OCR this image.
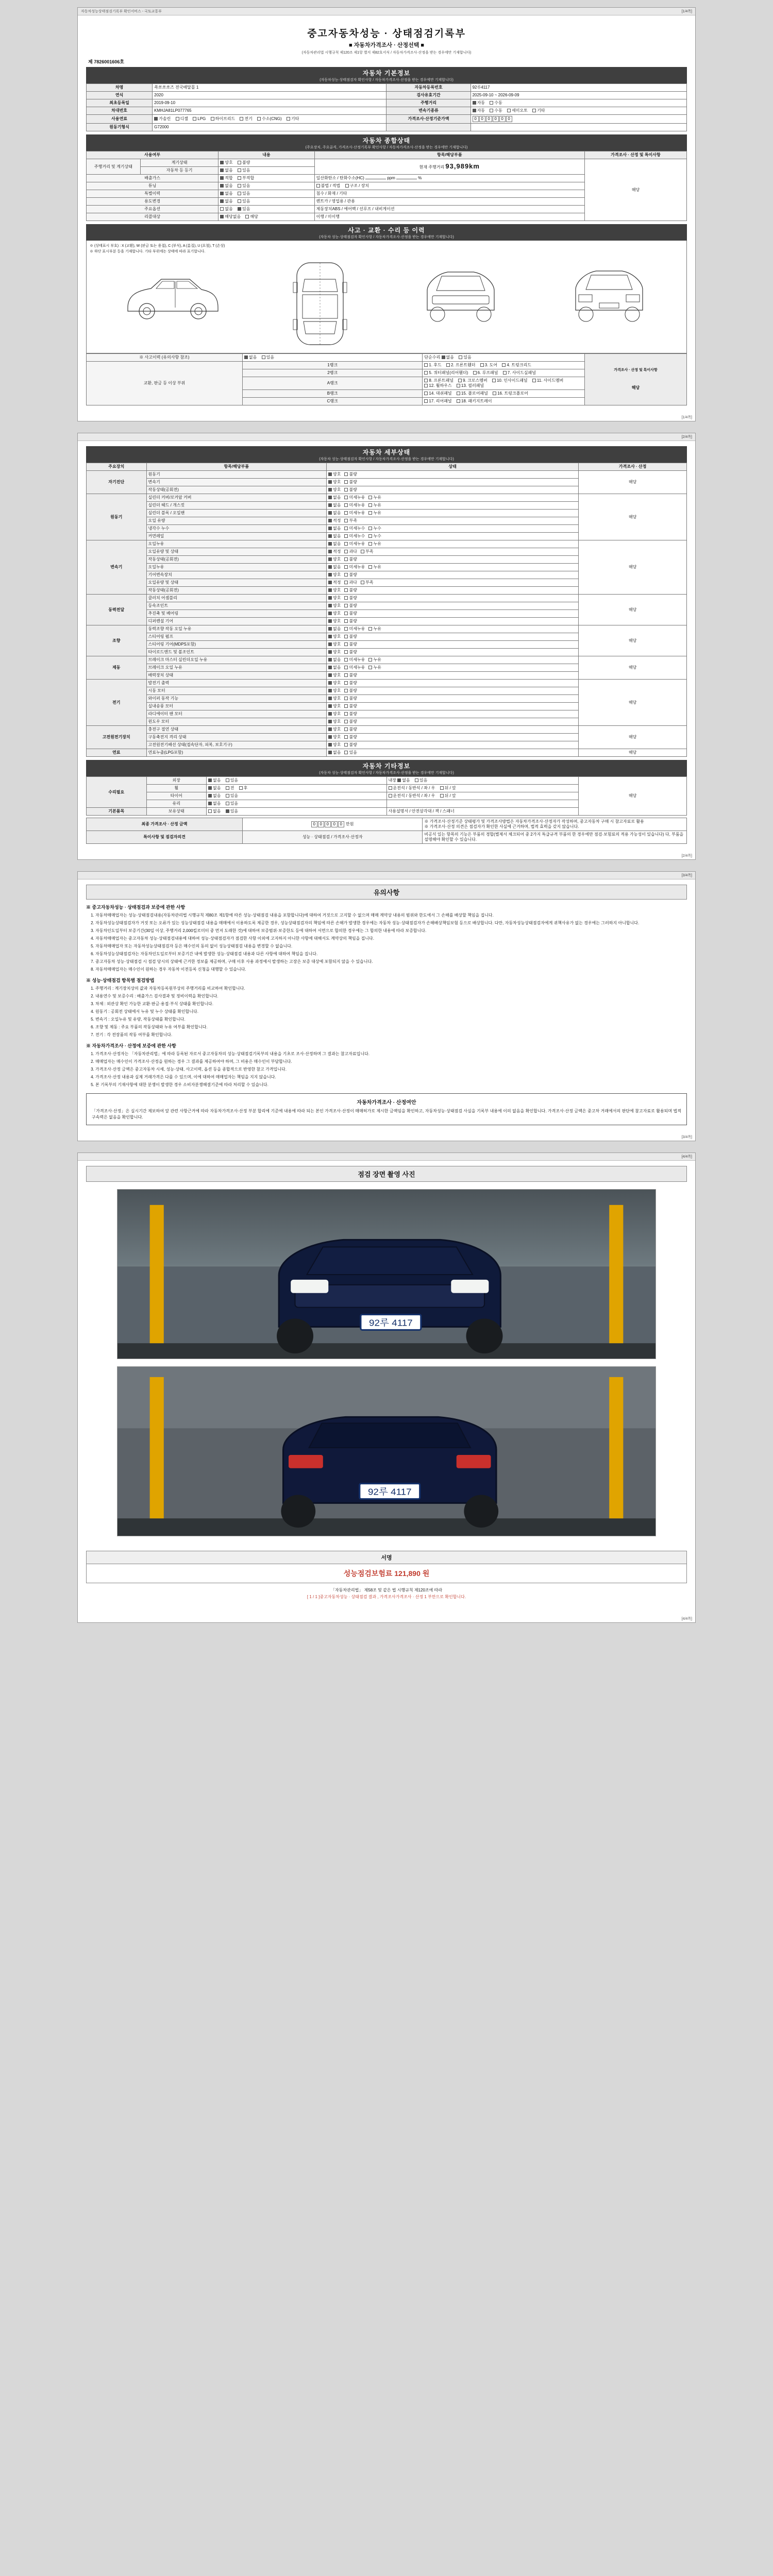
자동차성능상태점검기록부 확인서비스 - 국토교통부	[1/4쪽]
중고자동차성능 · 상태점검기록부
■ 자동차가격조사 · 산정선택 ■
(자동차관리법 시행규칙 제120조 제1항 별지 제82호서식 / 자동차가격조사·산정을 받는 경우에만 기재합니다)
제 7826001606호
자동차 기본정보
(자동차성능·상태점검자 확인사항 / 자동차가격조사·산정을 받는 경우에만 기재합니다)
차명	쏙쏘쏘쏘즈 전국배달몰 1	자동차등록번호	92루4117
연식	2020	검사유효기간	2025-09-10 ~ 2026-09-09
최초등록일	2019-09-10	주행거리	자동 수동
차대번호	KMHJA81LP077765	변속기종류	자동 수동 세미오토 기타
사용연료	가솔린 디젤 LPG 하이브리드 전기 수소(CNG) 기타	가격조사·산정기준가액	0 0 0 0 0 0
원동기형식	G72000		
자동차 종합상태
(주요장치, 주요골격, 가격조사·산정기록부 확인사항 / 자동차가격조사·산정을 받는 경우에만 기재합니다)
사용여부		내용	항목/해당부품	가격조사 · 산정 및 특이사항
주행거리 및 계기상태	계기상태	양호 불량	현재 주행거리 93,989km	해당
	자동차 등 등기	없음 있음		
배출가스		적합 부적합	일산화탄소 / 탄화수소(HC) ppm %	
튜닝		없음 있음	불법 / 적법 구조 / 장치	
특별이력		없음 있음	침수 / 화재 / 기타	
용도변경		없음 있음	렌트카 / 영업용 / 관용	
주요옵션		없음 있음	제동장치ABS / 에어백 / 선루프 / 내비게이션	
리콜대상		해당없음 해당	이행 / 미이행	
사고 · 교환 · 수리 등 이력
(자동차 성능·상태점검자 확인사항 / 자동차가격조사·산정을 받는 경우에만 기재합니다)
※ (상태표시 부호) : X (교환), W (판금 또는 용접), C (부식), A (흠집), U (요철), T (손상)
※ 하단 표시부분 등을 기재합니다. 기타 부위에는 상태에 따라 표기합니다.
※ 사고이력 (유의사항 참조)	없음 있음	단순수리 없음 있음	가격조사 · 산정 및 특이사항
해당

교환, 판금 등 이상 부위	1랭크	1. 후드 2. 프론트휀더 3. 도어 4. 트렁크리드	
	2랭크	5. 쿼터패널(리어휀더) 6. 루프패널 7. 사이드실패널	
	A랭크	8. 프론트패널 9. 크로스멤버 10. 인사이드패널 11. 사이드멤버 12. 휠하우스 13. 필러패널	
	B랭크	14. 대쉬패널 15. 플로어패널 16. 트렁크플로어	
	C랭크	17. 리어패널 18. 패키지트레이	
[1/4쪽]
[2/4쪽]
자동차 세부상태
(자동차 성능·상태점검자 확인사항 / 자동차가격조사·산정을 받는 경우에만 기재합니다)
주요장치	항목/해당부품	상태	가격조사 · 산정
자기진단	원동기	양호 불량	해당
	변속기	양호 불량	
	작동상태(공회전)	양호 불량	
원동기	실린더 커버/로커암 커버	없음 미세누유 누유	해당
	실린더 헤드 / 개스킷	없음 미세누유 누유	
	실린더 블록 / 오일팬	없음 미세누유 누유	
	오일 유량	적정 부족	
	냉각수 누수	없음 미세누수 누수	
	커먼레일	없음 미세누수 누수	
변속기	오일누유	없음 미세누유 누유	해당
	오일유량 및 상태	적정 과다 부족	
	작동상태(공회전)	양호 불량	
	오일누유	없음 미세누유 누유	
	기어변속장치	양호 불량	
	오일유량 및 상태	적정 과다 부족	
	작동상태(공회전)	양호 불량	
동력전달	클러치 어셈블리	양호 불량	해당
	등속조인트	양호 불량	
	추진축 및 베어링	양호 불량	
	디퍼렌셜 기어	양호 불량	
조향	동력조향 작동 오일 누유	없음 미세누유 누유	해당
	스티어링 펌프	양호 불량	
	스티어링 기어(MDPS포함)	양호 불량	
	타이로드엔드 및 볼조인트	양호 불량	
제동	브레이크 마스터 실린더오일 누유	없음 미세누유 누유	해당
	브레이크 오일 누유	없음 미세누유 누유	
	배력장치 상태	양호 불량	
전기	발전기 출력	양호 불량	해당
	시동 모터	양호 불량	
	와이퍼 동작 기능	양호 불량	
	실내송풍 모터	양호 불량	
	라디에이터 팬 모터	양호 불량	
	윈도우 모터	양호 불량	
고전원전기장치	충전구 절연 상태	양호 불량	해당
	구동축전지 격리 상태	양호 불량	
	고전원전기배선 상태(접속단자, 피복, 보호기구)	양호 불량	
연료	연료누출(LPG포함)	없음 있음	해당
자동차 기타정보
(자동차 성능·상태점검자 확인사항 / 자동차가격조사·산정을 받는 경우에만 기재합니다)
수리필요	외장	없음 있음	내장 없음 있음	해당
	휠	없음 전 후	운전석 / 동반석 / 좌 / 우 뒤 / 앞	
	타이어	없음 있음	운전석 / 동반석 / 좌 / 우 뒤 / 앞	
	유리	없음 있음		
기본품목	보유상태	없음 있음	사용설명서 / 안전삼각대 / 잭 / 스패너	
최종 가격조사 · 산정 금액	0 0 0 0 0 만원	※ 가격조사·산정기준 상태평가 및 가격조사방법은 자동차가격조사·산정자가 작성하며, 중고자동차 구매 시 참고자료로 활용
※ 가격조사·산정 의견은 점검자가 확인한 사실에 근거하며, 법적 효력을 갖지 않습니다.

특이사항 및 점검자의견	성능 · 상태점검 / 가격조사·산정자	비공식 있는 항목의 기능은 부품의 경합(별제서 체크되어 중 2가지 특급규격 부품의 한 경우에만 점검·보험료의 적용 가능성이 있습니다) 다, 부품을 설명해야 확인할 수 있습니다.
[2/4쪽]
[3/4쪽]
유의사항
※ 중고자동차성능 · 상태점검과 보증에 관한 사항
1. 자동차매매업자는 성능·상태점검내용(자동차관리법 시행규칙 제80조 제1항에 따른 성능·상태점검 내용을 포함합니다)에 대하여 거짓으로 고지할 수 없으며 매매 계약상 내용의 범위와 한도에서 그 손해를 배상할 책임을 집니다.
2. 자동차성능상태점검자가 거짓 또는 오류가 있는 성능상태점검 내용을 매매에서 이용하도록 제공한 경우, 성능상태점검자의 책임에 따른 손해가 발생한 경우에는 자동차 성능·상태점검자가 손해배상책임보험 등으로 배상합니다. 다만, 자동차성능상태점검자에게 귀책사유가 없는 경우에는 그러하지 아니합니다.
3. 자동차인도일부터 보증기간(30일 이상, 주행거리 2,000킬로미터 중 먼저 도래한 것)에 대하여 보증범위·보증한도 등에 대하여 서면으로 합의한 경우에는 그 합의한 내용에 따라 보증합니다.
4. 자동차매매업자는 중고자동차 성능·상태점검내용에 대하여 성능·상태점검자가 점검한 사항 이외에 고지하지 아니한 사항에 대해서도 계약상의 책임을 집니다.
5. 자동차매매업자 또는 자동차성능상태점검자 등은 매수인의 동의 없이 성능상태점검 내용을 변경할 수 없습니다.
6. 자동차성능상태점검자는 자동차인도일로부터 보증기간 내에 발생한 성능·상태점검 내용과 다른 사항에 대하여 책임을 집니다.
7. 중고자동차 성능·상태점검 시 점검 당시의 상태에 근거한 정보를 제공하며, 구매 이후 사용 과정에서 발생하는 고장은 보증 대상에 포함되지 않을 수 있습니다.
8. 자동차매매업자는 매수인이 원하는 경우 자동차 이전등록 신청을 대행할 수 있습니다.
※ 성능·상태점검 항목별 점검방법
1. 주행거리 : 계기장치상의 값과 자동차등록원부상의 주행거리를 비교하여 확인합니다.
2. 내용연수 및 보증수리 : 배출가스 검사결과 및 정비이력을 확인합니다.
3. 차체 : 외관상 확인 가능한 교환·판금·용접·부식 상태를 확인합니다.
4. 원동기 : 공회전 상태에서 누유 및 누수 상태를 확인합니다.
5. 변속기 : 오일누유 및 유량, 작동상태를 확인합니다.
6. 조향 및 제동 : 주요 부품의 작동상태와 누유 여부를 확인합니다.
7. 전기 : 각 전장품의 작동 여부를 확인합니다.
※ 자동차가격조사 · 산정에 보증에 관한 사항
1. 가격조사·산정자는 「자동차관리법」에 따라 등록된 자로서 중고자동차의 성능·상태점검기록부의 내용을 기초로 조사·산정하며 그 결과는 참고자료입니다.
2. 매매업자는 매수인이 가격조사·산정을 원하는 경우 그 결과를 제공하여야 하며, 그 비용은 매수인이 부담합니다.
3. 가격조사·산정 금액은 중고자동차 시세, 성능·상태, 사고이력, 옵션 등을 종합적으로 반영한 참고 가격입니다.
4. 가격조사·산정 내용과 실제 거래가격은 다를 수 있으며, 이에 대하여 매매업자는 책임을 지지 않습니다.
5. 본 기록부의 기재사항에 대한 분쟁이 발생한 경우 소비자분쟁해결기준에 따라 처리할 수 있습니다.
자동차가격조사 · 산정여안

「가격조사·산정」은 실시기간 제보하여 앞 관련 사항근거에 따라 자동차가격조사·산정 부분 합리에 기준에 내용에 따라 되는 본인 가격조사·산정이 매매허가로 제시한 금액임을 확인하고, 자동차성능·상태점검 사실을 기록부 내용에 이의 없음을 확인합니다. 가격조사·산정 금액은 중고차 거래에서의 판단에 참고자료로 활용되며 법적 구속력은 없음을 확인합니다.

[3/4쪽]
[4/4쪽]
점검 장면 촬영 사진
92루 4117
92루 4117
서명
성능점검보험료 121,890 원
「자동차관리법」 제58조 및 같은 법 시행규칙 제120조에 따라
[ 1 / 1 ]중고자동차성능 · 상태점검 결과 , 가격조사가격조사 · 산정 1 부만으로 확인합니다.
[4/4쪽]
